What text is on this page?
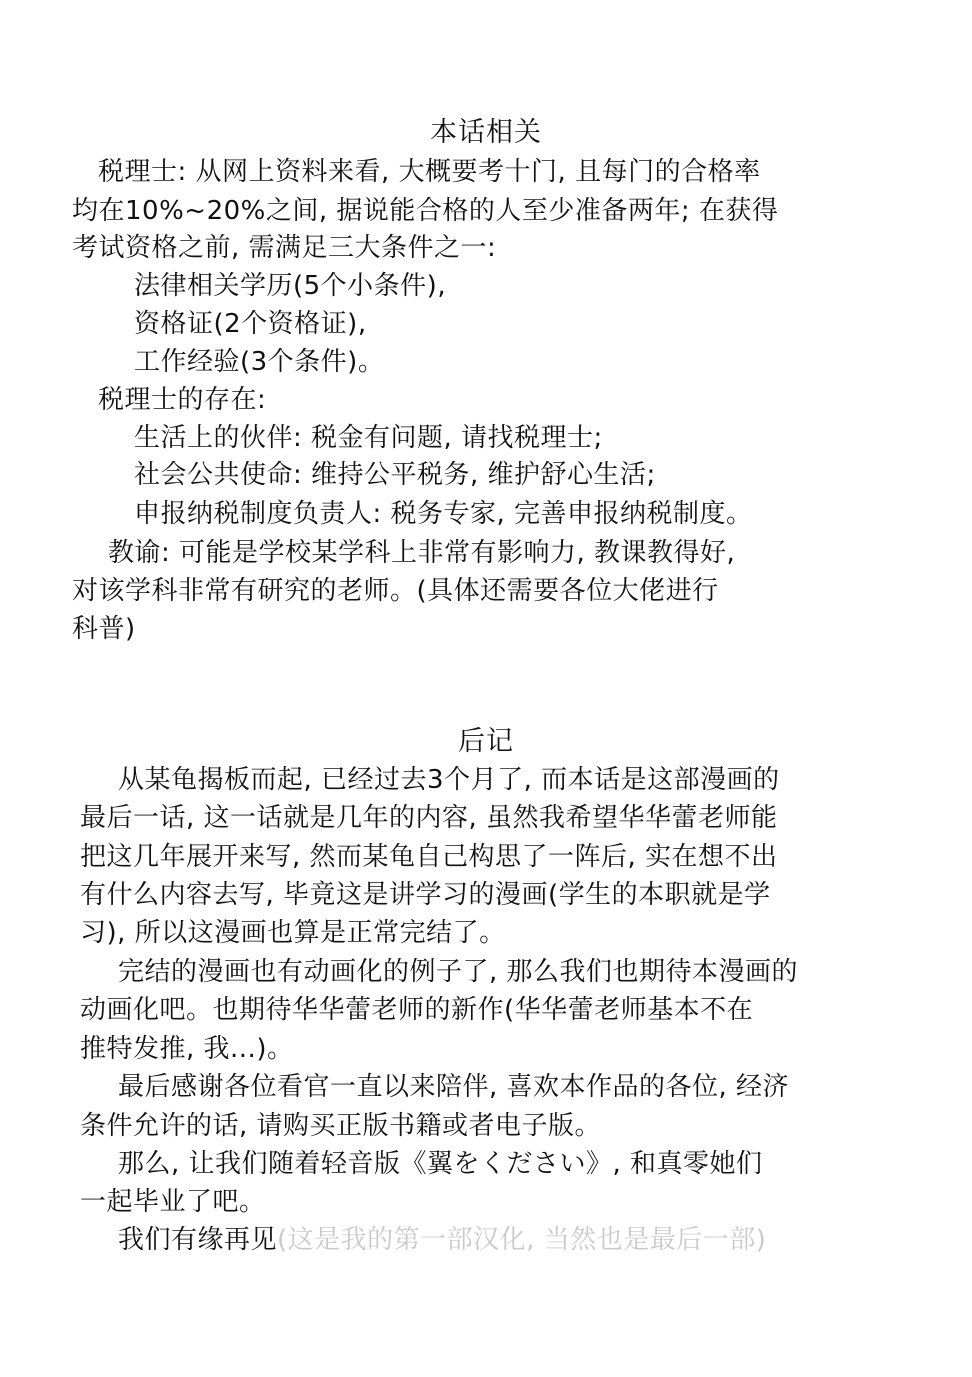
本话相关
税理士: 从网上资料来看, 大概要考十门, 且每门的合格率
均在10%~20%之间, 据说能合格的人至少准备两年; 在获得
考试资格之前, 需满足三大条件之一:
法律相关学历(5个小条件),
资格证(2个资格证),
工作经验(3个条件)。
税理士的存在:
生活上的伙伴: 税金有问题, 请找税理士;
社会公共使命: 维持公平税务, 维护舒心生活;
申报纳税制度负责人: 税务专家, 完善申报纳税制度。
教谕: 可能是学校某学科上非常有影响力, 教课教得好,
对该学科非常有研究的老师。(具体还需要各位大佬进行
科普)
后记
从某龟揭板而起, 已经过去3个月了, 而本话是这部漫画的
最后一话, 这一话就是几年的内容, 虽然我希望华华蕾老师能
把这几年展开来写, 然而某龟自己构思了一阵后, 实在想不出
有什么内容去写, 毕竟这是讲学习的漫画(学生的本职就是学
习), 所以这漫画也算是正常完结了。
完结的漫画也有动画化的例子了, 那么我们也期待本漫画的
动画化吧。也期待华华蕾老师的新作(华华蕾老师基本不在
推特发推, 我...)。
最后感谢各位看官一直以来陪伴, 喜欢本作品的各位, 经济
条件允许的话, 请购买正版书籍或者电子版。
那么, 让我们随着轻音版《翼をください》, 和真零她们
一起毕业了吧。
我们有缘再见(这是我的第一部汉化, 当然也是最后一部)
